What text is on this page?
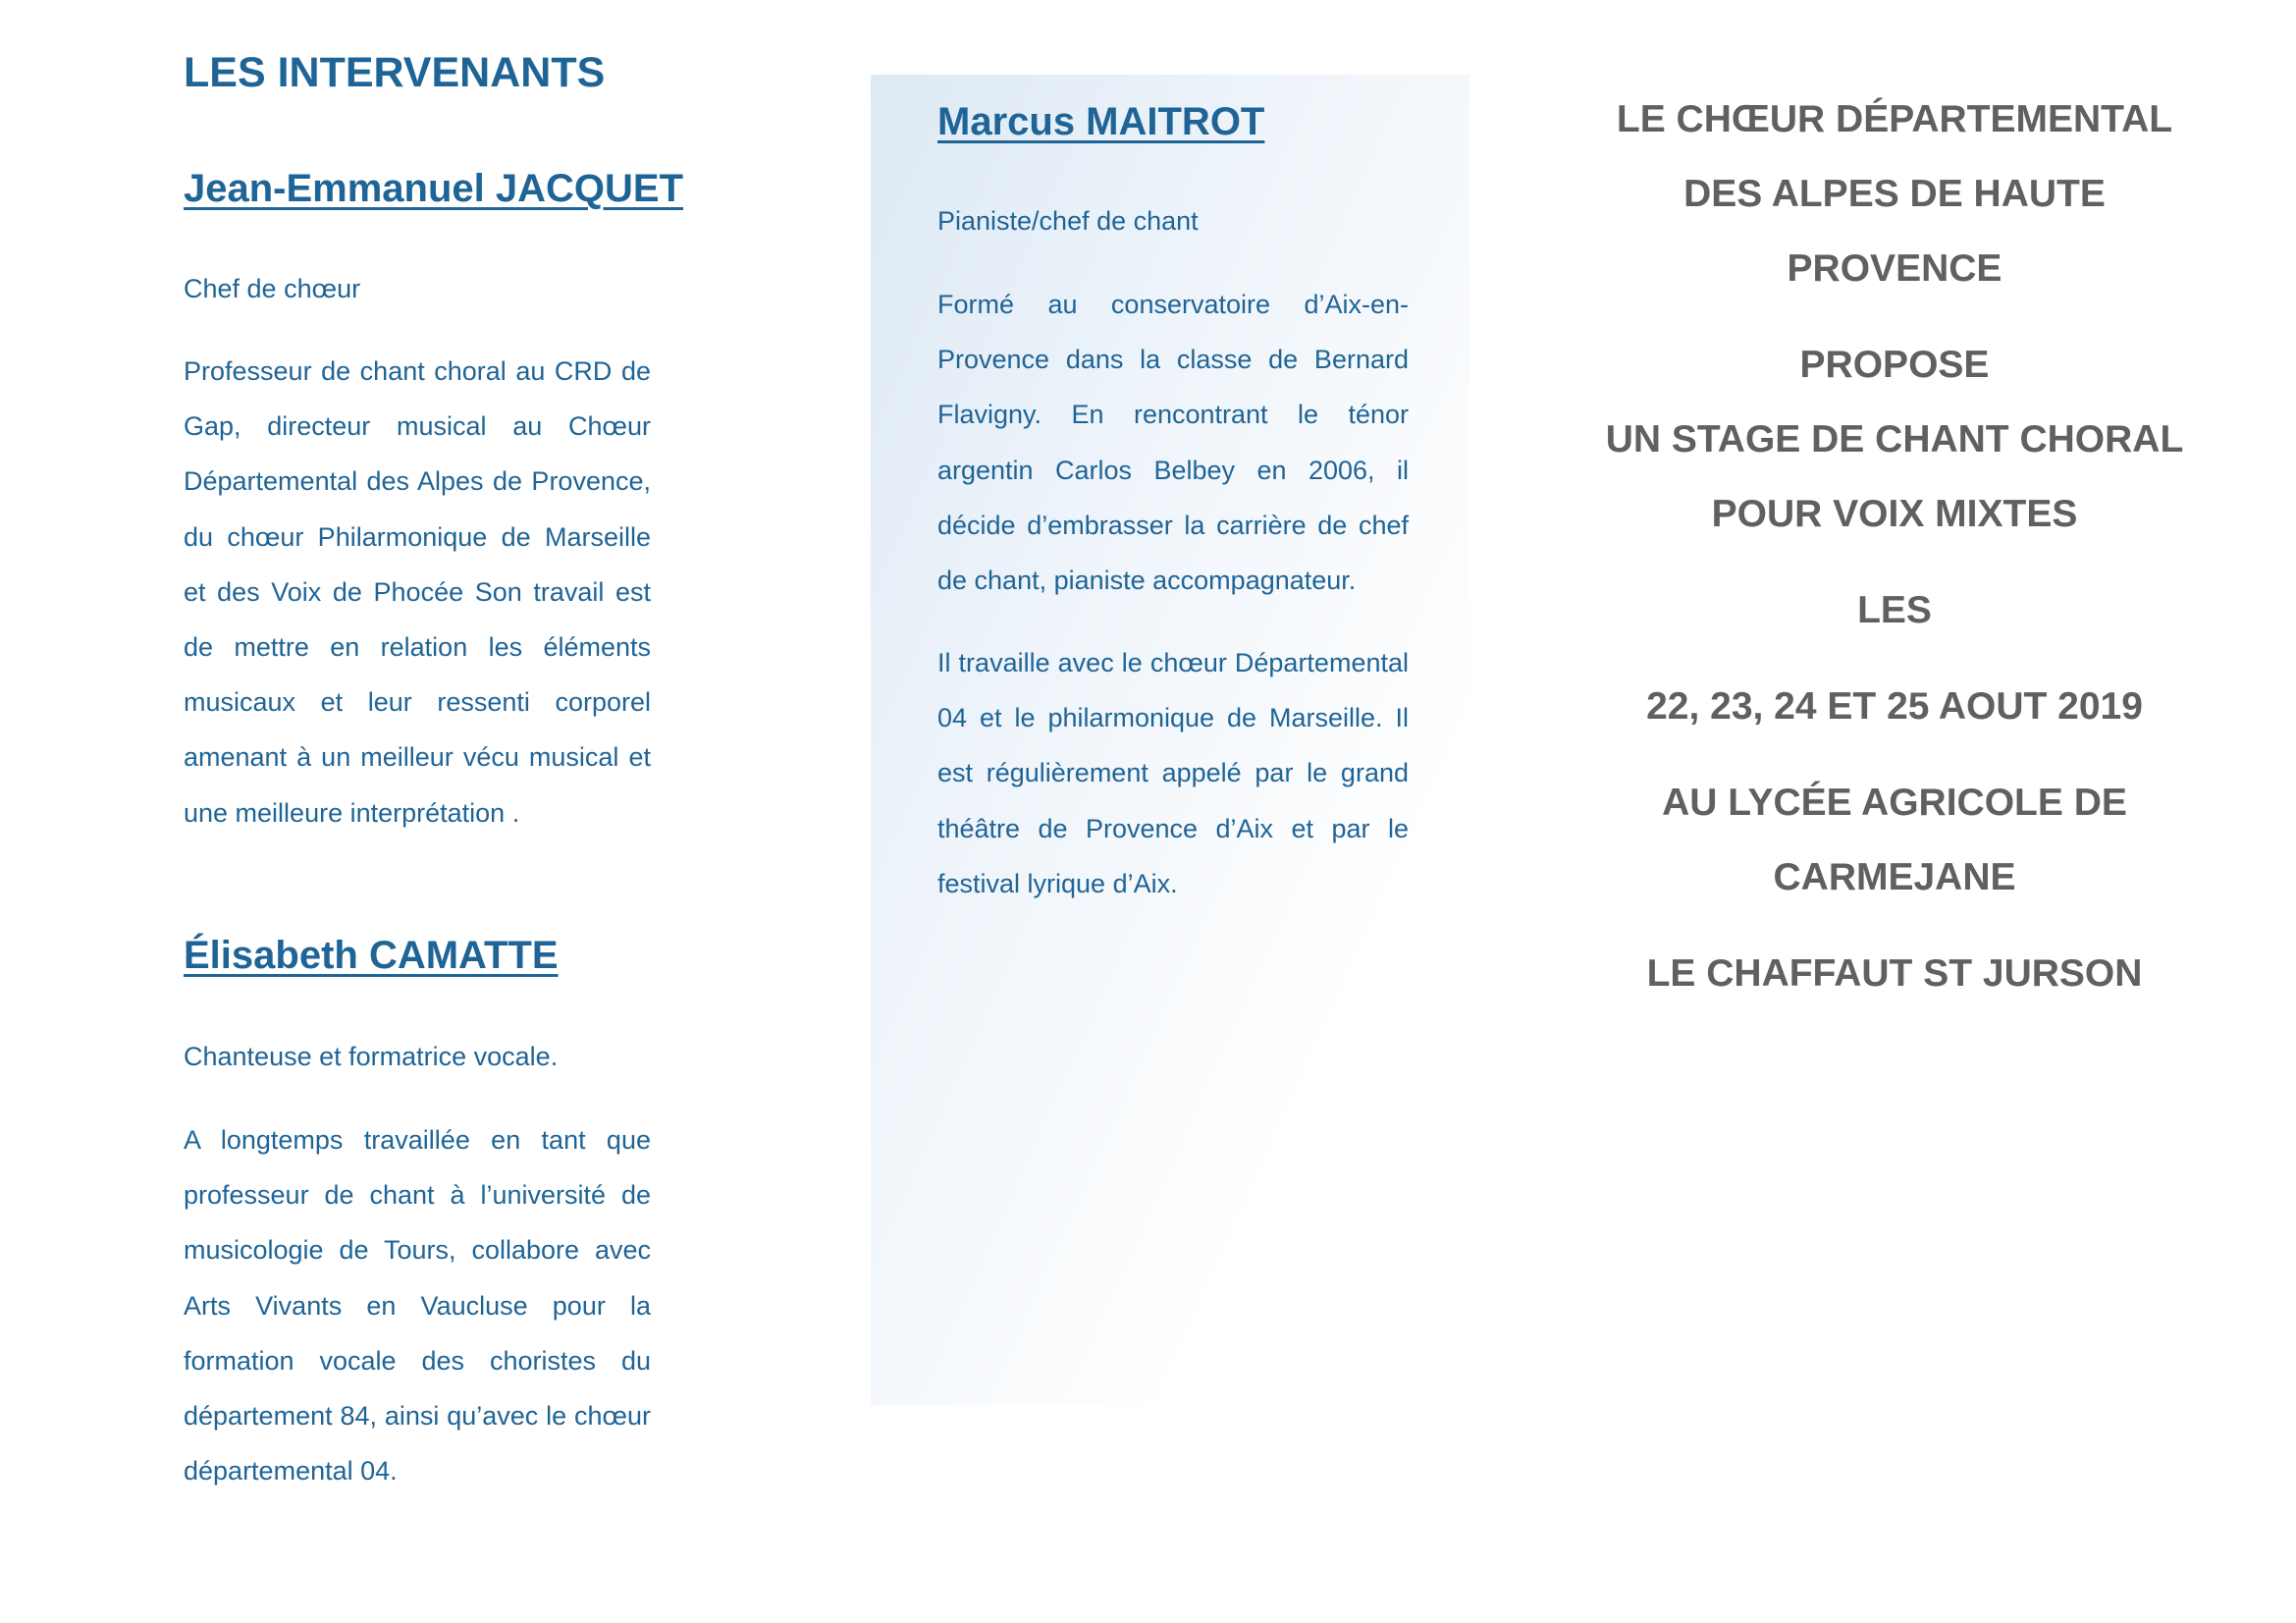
LES INTERVENANTS
Jean-Emmanuel JACQUET

Chef de chœur

Professeur de chant choral au CRD de Gap, directeur musical au Chœur Départemental des Alpes de Provence, du chœur Philarmonique de Marseille et des Voix de Phocée Son travail est de mettre en relation les éléments musicaux et leur ressenti corporel amenant à un meilleur vécu musical et une meilleure interprétation .

Élisabeth CAMATTE

Chanteuse et formatrice vocale.

A longtemps travaillée en tant que professeur de chant à l’université de musicologie de Tours, collabore avec Arts Vivants en Vaucluse pour la formation vocale des choristes du département 84, ainsi qu’avec le chœur départemental 04.

Marcus MAITROT

Pianiste/chef de chant

Formé au conservatoire d’Aix-en-Provence dans la classe de Bernard Flavigny. En rencontrant le ténor argentin Carlos Belbey en 2006, il décide d’embrasser la carrière de chef de chant, pianiste accompagnateur.

Il travaille avec le chœur Départemental 04 et le philarmonique de Marseille. Il est régulièrement appelé par le grand théâtre de Provence d’Aix et par le festival lyrique d’Aix.

LE CHŒUR DÉPARTEMENTAL

DES ALPES DE HAUTE

PROVENCE

PROPOSE

UN STAGE DE CHANT CHORAL

POUR VOIX MIXTES

LES

22, 23, 24 ET 25 AOUT 2019

AU LYCÉE AGRICOLE DE

CARMEJANE

LE CHAFFAUT ST JURSON
